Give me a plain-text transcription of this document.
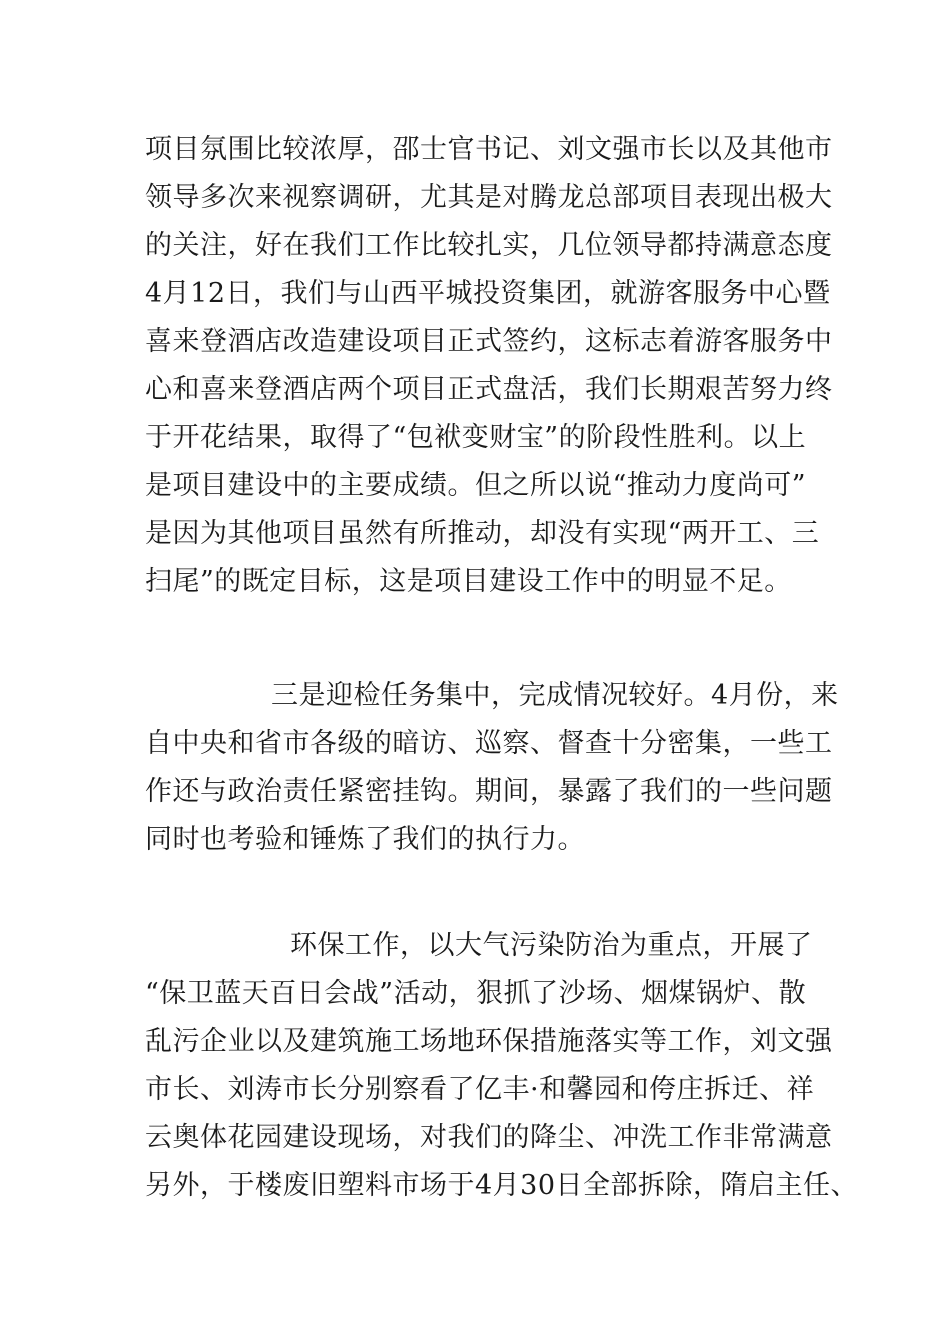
项目氛围比较浓厚，邵士官书记、刘文强市长以及其他市
领导多次来视察调研，尤其是对腾龙总部项目表现出极大
的关注，好在我们工作比较扎实，几位领导都持满意态度
4月12日，我们与山西平城投资集团，就游客服务中心暨
喜来登酒店改造建设项目正式签约，这标志着游客服务中
心和喜来登酒店两个项目正式盘活，我们长期艰苦努力终
于开花结果，取得了“包袱变财宝”的阶段性胜利。以上
是项目建设中的主要成绩。但之所以说“推动力度尚可”
是因为其他项目虽然有所推动，却没有实现“两开工、三
扫尾”的既定目标，这是项目建设工作中的明显不足。
三是迎检任务集中，完成情况较好。4月份，来
自中央和省市各级的暗访、巡察、督查十分密集，一些工
作还与政治责任紧密挂钩。期间，暴露了我们的一些问题
同时也考验和锤炼了我们的执行力。
环保工作，以大气污染防治为重点，开展了
“保卫蓝天百日会战”活动，狠抓了沙场、烟煤锅炉、散
乱污企业以及建筑施工场地环保措施落实等工作，刘文强
市长、刘涛市长分别察看了亿丰·和馨园和侉庄拆迁、祥
云奥体花园建设现场，对我们的降尘、冲洗工作非常满意
另外，于楼废旧塑料市场于4月30日全部拆除，隋启主任、
